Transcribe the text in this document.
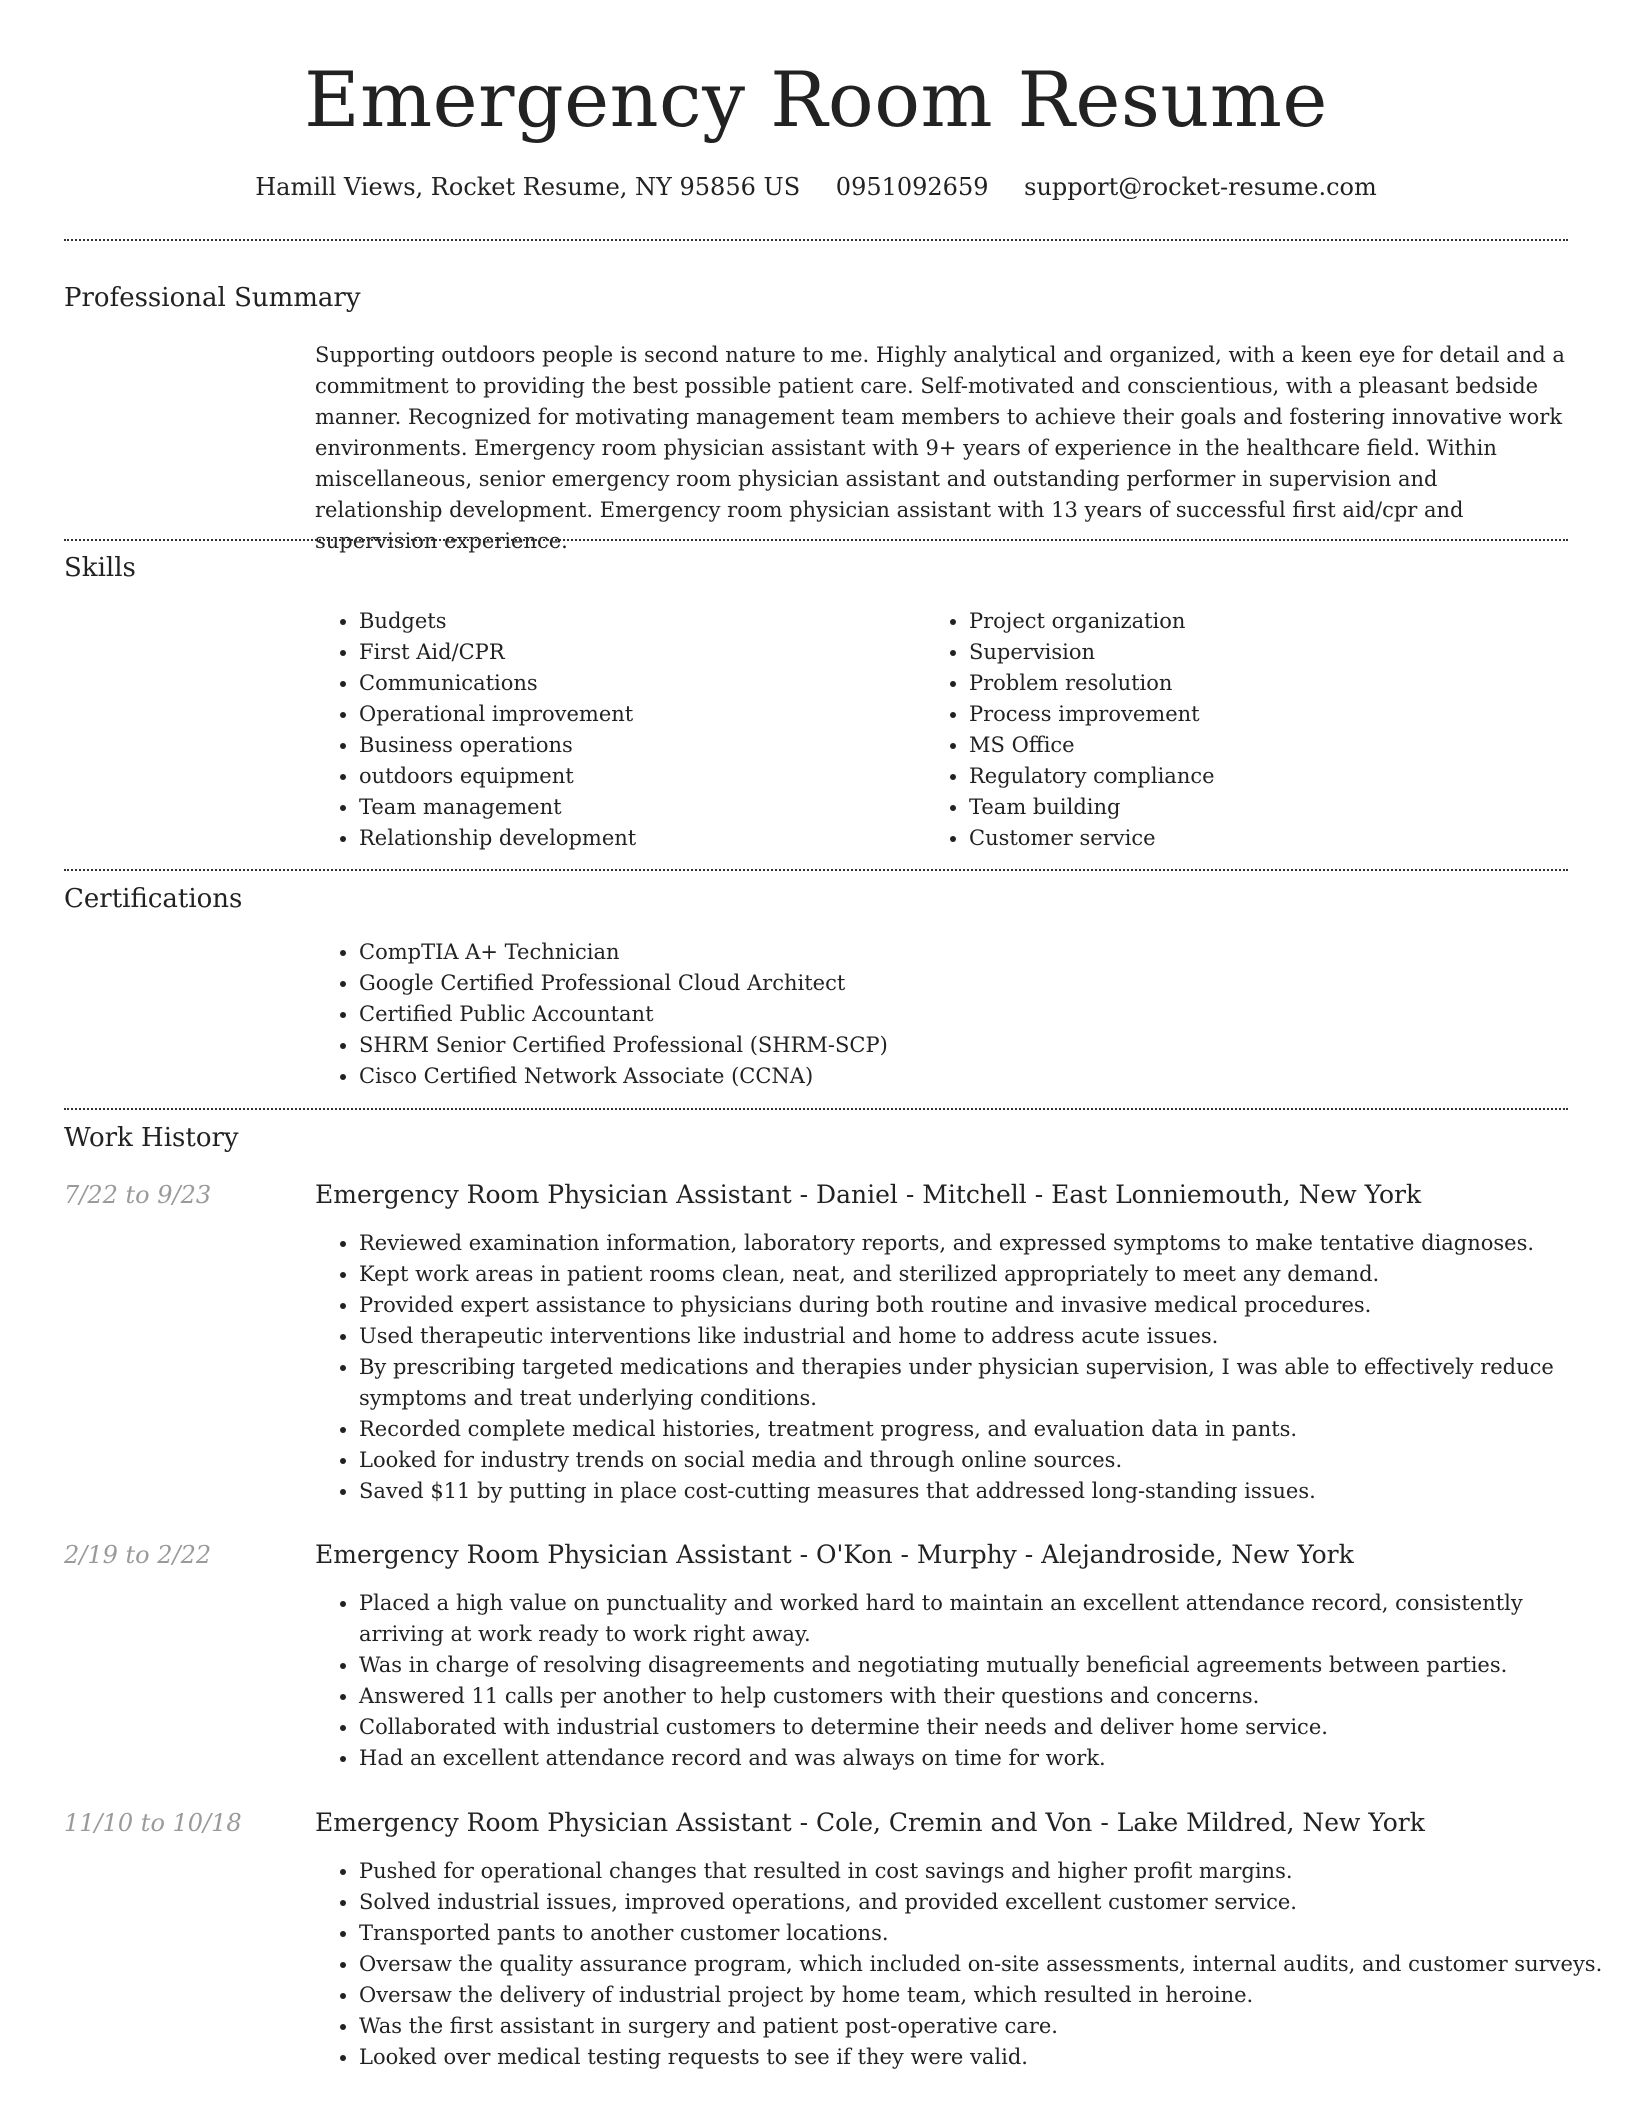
Emergency Room Resume
Hamill Views, Rocket Resume, NY 95856 US 0951092659 support@rocket-resume.com
Professional Summary
Supporting outdoors people is second nature to me. Highly analytical and organized, with a keen eye for detail and a commitment to providing the best possible patient care. Self-motivated and conscientious, with a pleasant bedside manner. Recognized for motivating management team members to achieve their goals and fostering innovative work environments. Emergency room physician assistant with 9+ years of experience in the healthcare field. Within miscellaneous, senior emergency room physician assistant and outstanding performer in supervision and relationship development. Emergency room physician assistant with 13 years of successful first aid/cpr and supervision experience.
Skills
• Budgets
• First Aid/CPR
• Communications
• Operational improvement
• Business operations
• outdoors equipment
• Team management
• Relationship development
• Project organization
• Supervision
• Problem resolution
• Process improvement
• MS Office
• Regulatory compliance
• Team building
• Customer service
Certifications
• CompTIA A+ Technician
• Google Certified Professional Cloud Architect
• Certified Public Accountant
• SHRM Senior Certified Professional (SHRM-SCP)
• Cisco Certified Network Associate (CCNA)
Work History
7/22 to 9/23	Emergency Room Physician Assistant - Daniel - Mitchell - East Lonniemouth, New York
• Reviewed examination information, laboratory reports, and expressed symptoms to make tentative diagnoses.
• Kept work areas in patient rooms clean, neat, and sterilized appropriately to meet any demand.
• Provided expert assistance to physicians during both routine and invasive medical procedures.
• Used therapeutic interventions like industrial and home to address acute issues.
• By prescribing targeted medications and therapies under physician supervision, I was able to effectively reduce symptoms and treat underlying conditions.
• Recorded complete medical histories, treatment progress, and evaluation data in pants.
• Looked for industry trends on social media and through online sources.
• Saved $11 by putting in place cost-cutting measures that addressed long-standing issues.
2/19 to 2/22	Emergency Room Physician Assistant - O'Kon - Murphy - Alejandroside, New York
• Placed a high value on punctuality and worked hard to maintain an excellent attendance record, consistently arriving at work ready to work right away.
• Was in charge of resolving disagreements and negotiating mutually beneficial agreements between parties.
• Answered 11 calls per another to help customers with their questions and concerns.
• Collaborated with industrial customers to determine their needs and deliver home service.
• Had an excellent attendance record and was always on time for work.
11/10 to 10/18	Emergency Room Physician Assistant - Cole, Cremin and Von - Lake Mildred, New York
• Pushed for operational changes that resulted in cost savings and higher profit margins.
• Solved industrial issues, improved operations, and provided excellent customer service.
• Transported pants to another customer locations.
• Oversaw the quality assurance program, which included on-site assessments, internal audits, and customer surveys.
• Oversaw the delivery of industrial project by home team, which resulted in heroine.
• Was the first assistant in surgery and patient post-operative care.
• Looked over medical testing requests to see if they were valid.
